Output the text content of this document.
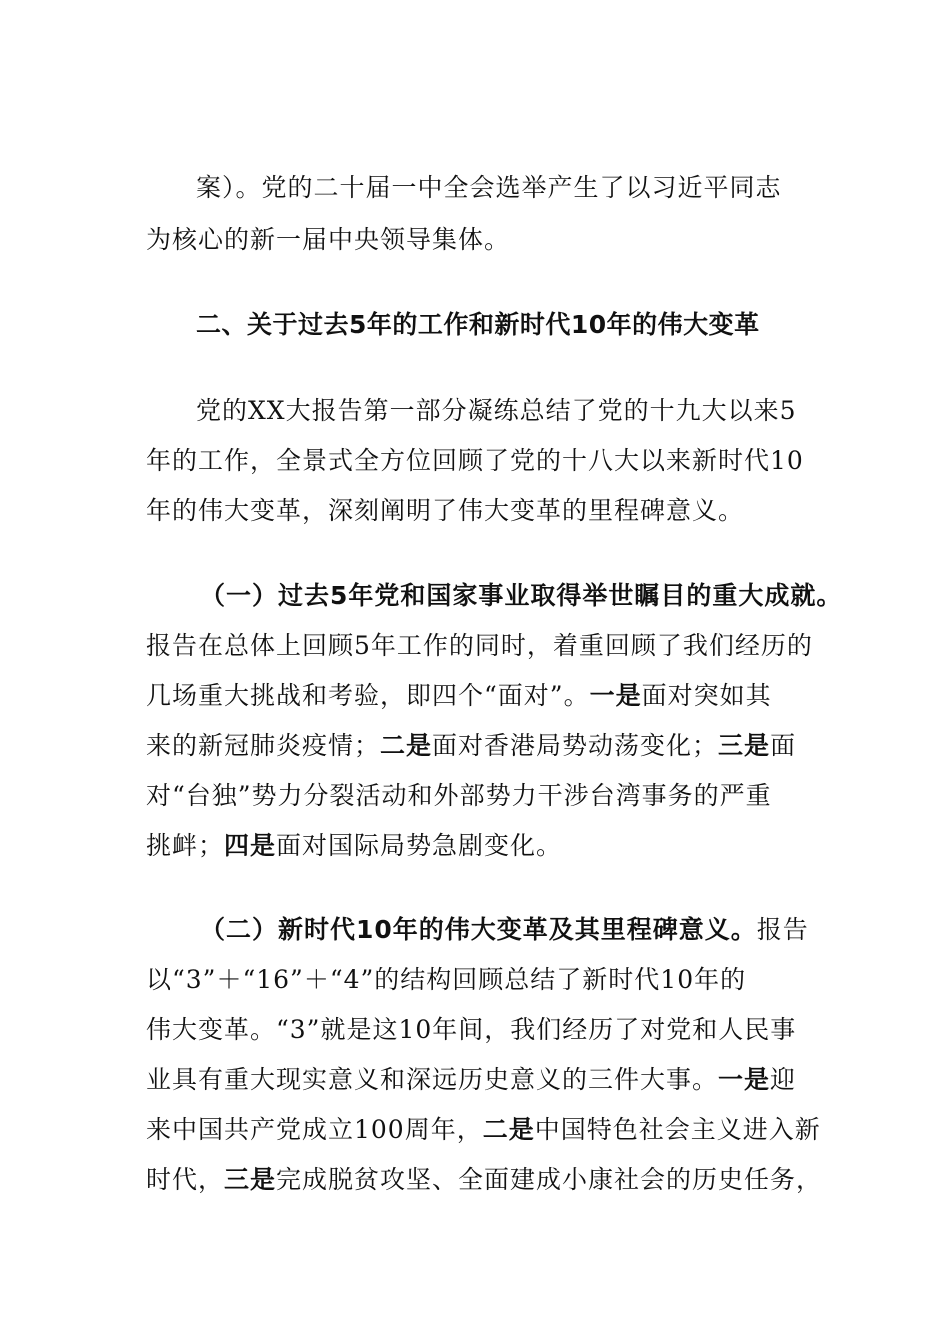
案）。党的二十届一中全会选举产生了以习近平同志
为核心的新一届中央领导集体。
二、关于过去5年的工作和新时代10年的伟大变革
党的XX大报告第一部分凝练总结了党的十九大以来5
年的工作，全景式全方位回顾了党的十八大以来新时代10
年的伟大变革，深刻阐明了伟大变革的里程碑意义。
（一）过去5年党和国家事业取得举世瞩目的重大成就。
报告在总体上回顾5年工作的同时，着重回顾了我们经历的
几场重大挑战和考验，即四个“面对”。一是面对突如其
来的新冠肺炎疫情；二是面对香港局势动荡变化；三是面
对“台独”势力分裂活动和外部势力干涉台湾事务的严重
挑衅；四是面对国际局势急剧变化。
（二）新时代10年的伟大变革及其里程碑意义。报告
以“3”＋“16”＋“4”的结构回顾总结了新时代10年的
伟大变革。“3”就是这10年间，我们经历了对党和人民事
业具有重大现实意义和深远历史意义的三件大事。一是迎
来中国共产党成立100周年，二是中国特色社会主义进入新
时代，三是完成脱贫攻坚、全面建成小康社会的历史任务，
